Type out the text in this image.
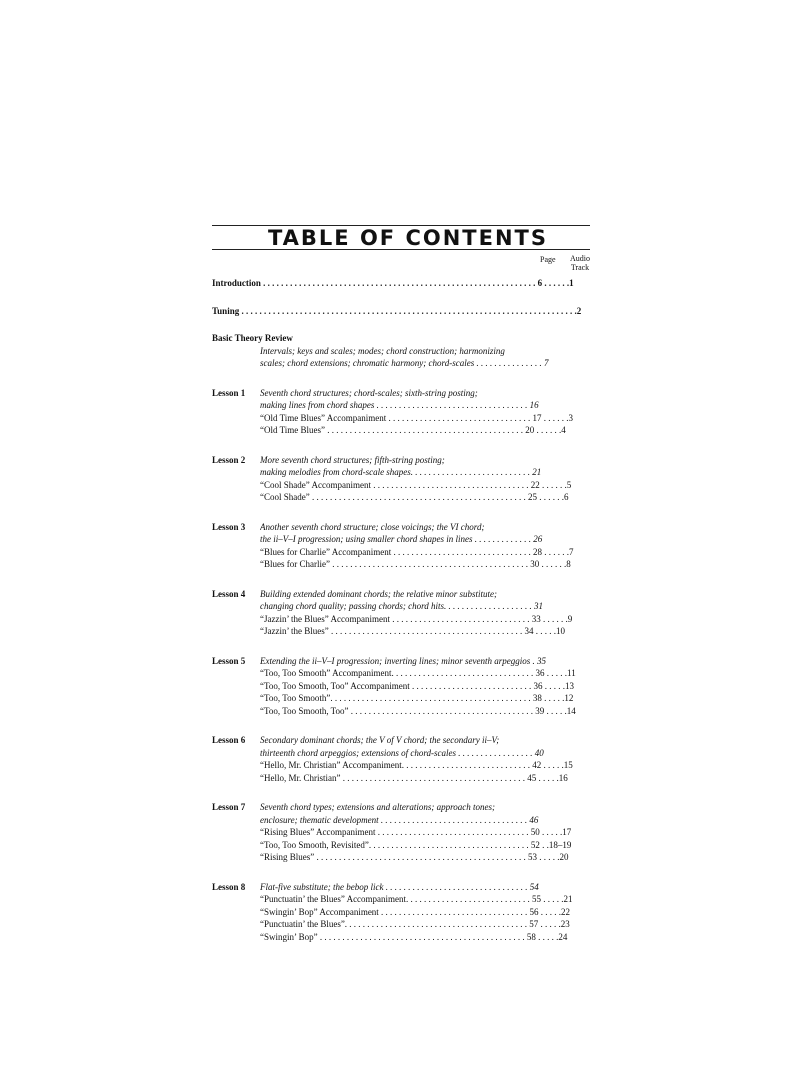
TABLE OF CONTENTS
Page Audio
Track
Introduction . . . . . . . . . . . . . . . . . . . . . . . . . . . . . . . . . . . . . . . . . . . . . . . . . . . . . . . . . . . . . 6 . . . . . .1
Tuning . . . . . . . . . . . . . . . . . . . . . . . . . . . . . . . . . . . . . . . . . . . . . . . . . . . . . . . . . . . . . . . . . . . . . . . . . . .2
Basic Theory Review
Intervals; keys and scales; modes; chord construction; harmonizing
scales; chord extensions; chromatic harmony; chord-scales . . . . . . . . . . . . . . . 7
Lesson 1	Seventh chord structures; chord-scales; sixth-string posting;
making lines from chord shapes . . . . . . . . . . . . . . . . . . . . . . . . . . . . . . . . . . 16
“Old Time Blues” Accompaniment . . . . . . . . . . . . . . . . . . . . . . . . . . . . . . . . 17 . . . . . .3
“Old Time Blues” . . . . . . . . . . . . . . . . . . . . . . . . . . . . . . . . . . . . . . . . . . . . 20 . . . . . .4
Lesson 2	More seventh chord structures; fifth-string posting;
making melodies from chord-scale shapes. . . . . . . . . . . . . . . . . . . . . . . . . . . 21
“Cool Shade” Accompaniment . . . . . . . . . . . . . . . . . . . . . . . . . . . . . . . . . . . 22 . . . . . .5
“Cool Shade” . . . . . . . . . . . . . . . . . . . . . . . . . . . . . . . . . . . . . . . . . . . . . . . . 25 . . . . . .6
Lesson 3	Another seventh chord structure; close voicings; the VI chord;
the ii–V–I progression; using smaller chord shapes in lines . . . . . . . . . . . . . 26
“Blues for Charlie” Accompaniment . . . . . . . . . . . . . . . . . . . . . . . . . . . . . . . 28 . . . . . .7
“Blues for Charlie” . . . . . . . . . . . . . . . . . . . . . . . . . . . . . . . . . . . . . . . . . . . . 30 . . . . . .8
Lesson 4	Building extended dominant chords; the relative minor substitute;
changing chord quality; passing chords; chord hits. . . . . . . . . . . . . . . . . . . . 31
“Jazzin’ the Blues” Accompaniment . . . . . . . . . . . . . . . . . . . . . . . . . . . . . . . 33 . . . . . .9
“Jazzin’ the Blues” . . . . . . . . . . . . . . . . . . . . . . . . . . . . . . . . . . . . . . . . . . . 34 . . . . .10
Lesson 5	Extending the ii–V–I progression; inverting lines; minor seventh arpeggios . 35
“Too, Too Smooth” Accompaniment. . . . . . . . . . . . . . . . . . . . . . . . . . . . . . . . 36 . . . . .11
“Too, Too Smooth, Too” Accompaniment . . . . . . . . . . . . . . . . . . . . . . . . . . . 36 . . . . .13
“Too, Too Smooth”. . . . . . . . . . . . . . . . . . . . . . . . . . . . . . . . . . . . . . . . . . . . . 38 . . . . .12
“Too, Too Smooth, Too” . . . . . . . . . . . . . . . . . . . . . . . . . . . . . . . . . . . . . . . . . 39 . . . . .14
Lesson 6	Secondary dominant chords; the V of V chord; the secondary ii–V;
thirteenth chord arpeggios; extensions of chord-scales . . . . . . . . . . . . . . . . . 40
“Hello, Mr. Christian” Accompaniment. . . . . . . . . . . . . . . . . . . . . . . . . . . . . 42 . . . . .15
“Hello, Mr. Christian” . . . . . . . . . . . . . . . . . . . . . . . . . . . . . . . . . . . . . . . . . 45 . . . . .16
Lesson 7	Seventh chord types; extensions and alterations; approach tones;
enclosure; thematic development . . . . . . . . . . . . . . . . . . . . . . . . . . . . . . . . . 46
“Rising Blues” Accompaniment . . . . . . . . . . . . . . . . . . . . . . . . . . . . . . . . . . 50 . . . . .17
“Too, Too Smooth, Revisited”. . . . . . . . . . . . . . . . . . . . . . . . . . . . . . . . . . . . 52 . .18–19
“Rising Blues” . . . . . . . . . . . . . . . . . . . . . . . . . . . . . . . . . . . . . . . . . . . . . . . 53 . . . . .20
Lesson 8	Flat-five substitute; the bebop lick . . . . . . . . . . . . . . . . . . . . . . . . . . . . . . . . 54
“Punctuatin’ the Blues” Accompaniment. . . . . . . . . . . . . . . . . . . . . . . . . . . . 55 . . . . .21
“Swingin’ Bop” Accompaniment . . . . . . . . . . . . . . . . . . . . . . . . . . . . . . . . . 56 . . . . .22
“Punctuatin’ the Blues”. . . . . . . . . . . . . . . . . . . . . . . . . . . . . . . . . . . . . . . . . 57 . . . . .23
“Swingin’ Bop” . . . . . . . . . . . . . . . . . . . . . . . . . . . . . . . . . . . . . . . . . . . . . . 58 . . . . .24
